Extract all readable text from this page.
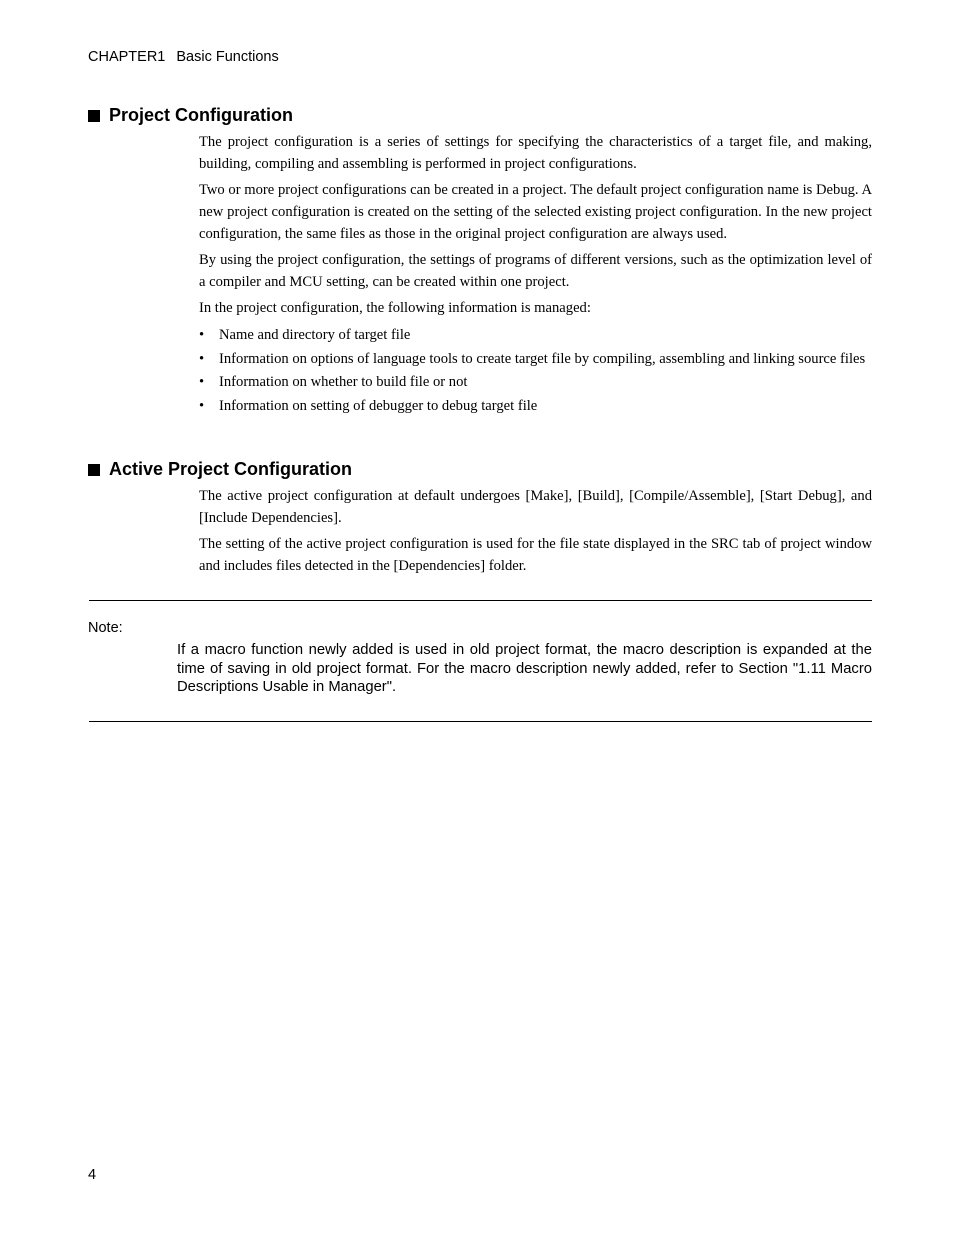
CHAPTER1 Basic Functions
Project Configuration

The project configuration is a series of settings for specifying the characteristics of a target file, and making, building, compiling and assembling is performed in project configurations.

Two or more project configurations can be created in a project. The default project configuration name is Debug. A new project configuration is created on the setting of the selected existing project configuration. In the new project configuration, the same files as those in the original project configuration are always used.

By using the project configuration, the settings of programs of different versions, such as the optimization level of a compiler and MCU setting, can be created within one project.

In the project configuration, the following information is managed:

• Name and directory of target file
• Information on options of language tools to create target file by compiling, assembling and linking source files
• Information on whether to build file or not
• Information on setting of debugger to debug target file
Active Project Configuration

The active project configuration at default undergoes [Make], [Build], [Compile/Assemble], [Start Debug], and [Include Dependencies].

The setting of the active project configuration is used for the file state displayed in the SRC tab of project window and includes files detected in the [Dependencies] folder.

Note:
If a macro function newly added is used in old project format, the macro description is expanded at the time of saving in old project format. For the macro description newly added, refer to Section "1.11 Macro Descriptions Usable in Manager".
4
